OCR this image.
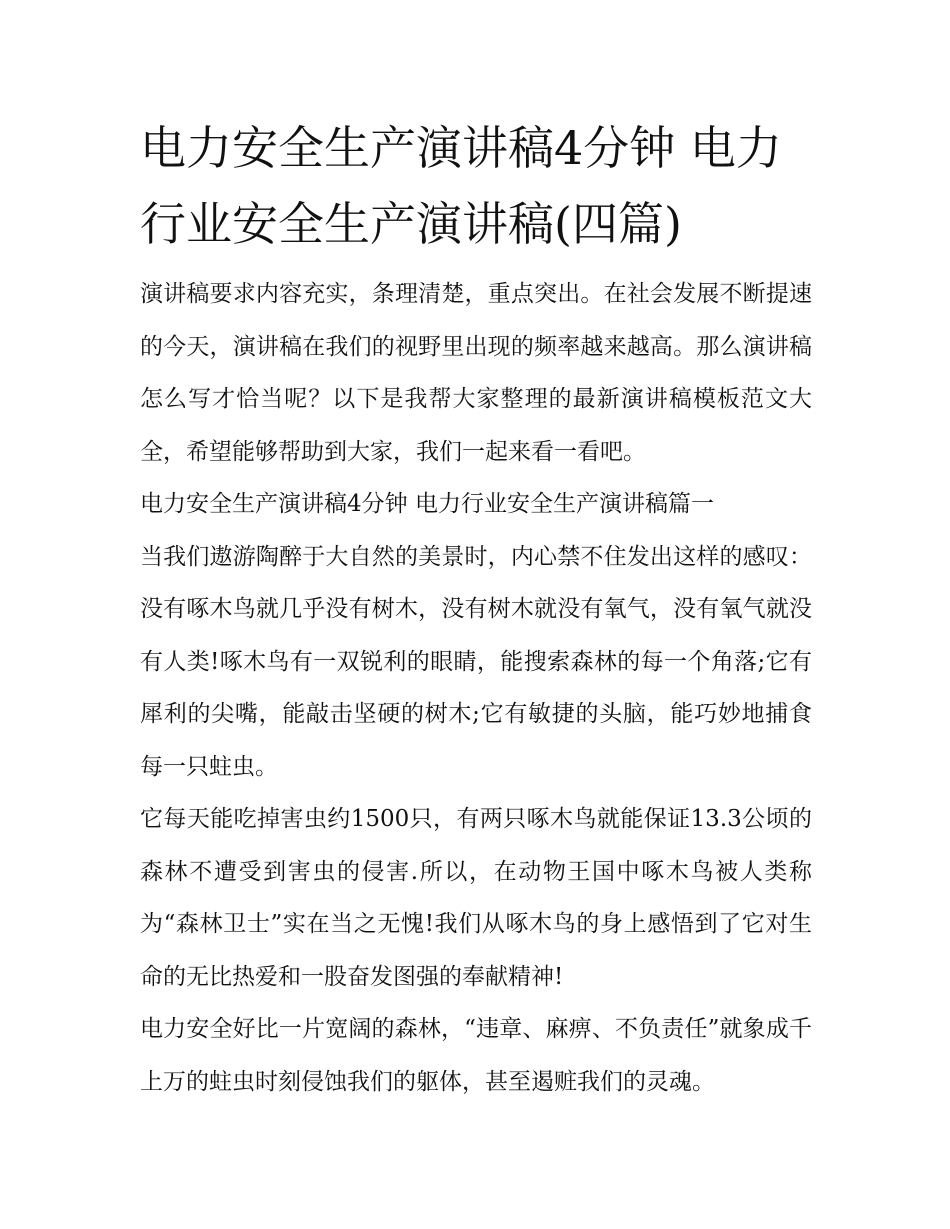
电力安全生产演讲稿4分钟 电力行业安全生产演讲稿(四篇)

演讲稿要求内容充实，条理清楚，重点突出。在社会发展不断提速的今天，演讲稿在我们的视野里出现的频率越来越高。那么演讲稿怎么写才恰当呢？以下是我帮大家整理的最新演讲稿模板范文大全，希望能够帮助到大家，我们一起来看一看吧。

电力安全生产演讲稿4分钟 电力行业安全生产演讲稿篇一

当我们遨游陶醉于大自然的美景时，内心禁不住发出这样的感叹：没有啄木鸟就几乎没有树木，没有树木就没有氧气，没有氧气就没有人类!啄木鸟有一双锐利的眼睛，能搜索森林的每一个角落;它有犀利的尖嘴，能敲击坚硬的树木;它有敏捷的头脑，能巧妙地捕食每一只蛀虫。

它每天能吃掉害虫约1500只，有两只啄木鸟就能保证13.3公顷的森林不遭受到害虫的侵害.所以，在动物王国中啄木鸟被人类称为“森林卫士”实在当之无愧!我们从啄木鸟的身上感悟到了它对生命的无比热爱和一股奋发图强的奉献精神!

电力安全好比一片宽阔的森林，“违章、麻痹、不负责任”就象成千上万的蛀虫时刻侵蚀我们的躯体，甚至遏赃我们的灵魂。
